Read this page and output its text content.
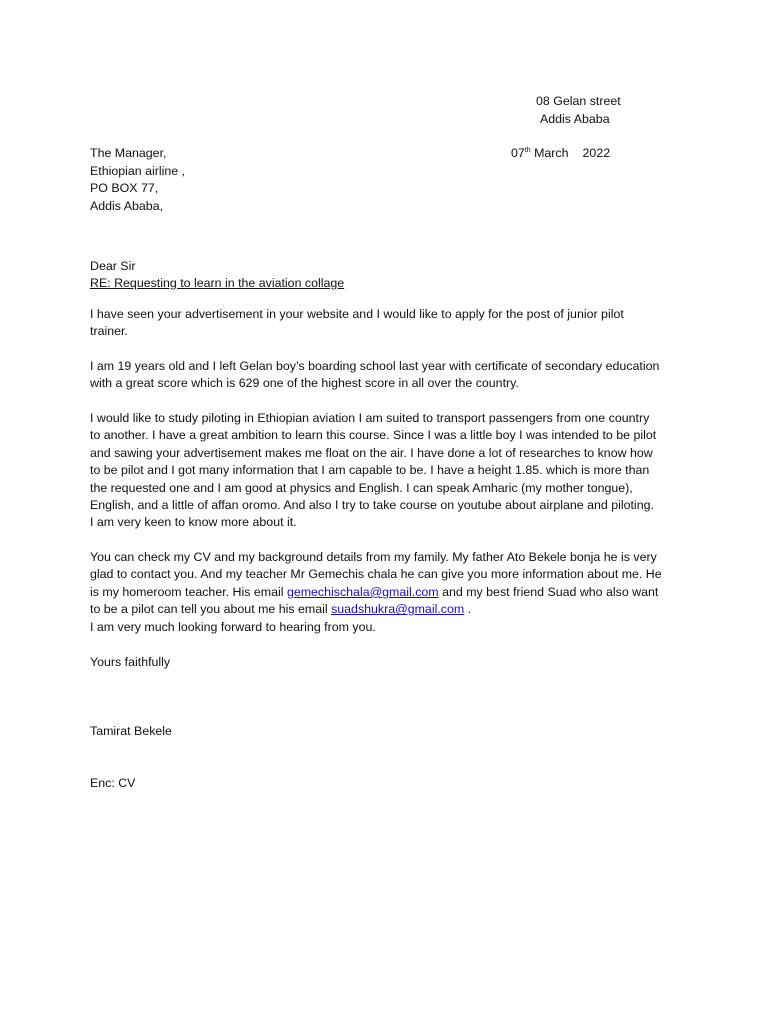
08 Gelan street
Addis Ababa
07th March 2022
The Manager,
Ethiopian airline ,
PO BOX 77,
Addis Ababa,
Dear Sir
RE: Requesting to learn in the aviation collage
I have seen your advertisement in your website and I would like to apply for the post of junior pilot
trainer.
I am 19 years old and I left Gelan boy’s boarding school last year with certificate of secondary education
with a great score which is 629 one of the highest score in all over the country.
I would like to study piloting in Ethiopian aviation I am suited to transport passengers from one country
to another. I have a great ambition to learn this course. Since I was a little boy I was intended to be pilot
and sawing your advertisement makes me float on the air. I have done a lot of researches to know how
to be pilot and I got many information that I am capable to be. I have a height 1.85. which is more than
the requested one and I am good at physics and English. I can speak Amharic (my mother tongue),
English, and a little of affan oromo. And also I try to take course on youtube about airplane and piloting.
I am very keen to know more about it.
You can check my CV and my background details from my family. My father Ato Bekele bonja he is very
glad to contact you. And my teacher Mr Gemechis chala he can give you more information about me. He
is my homeroom teacher. His email gemechischala@gmail.com and my best friend Suad who also want
to be a pilot can tell you about me his email suadshukra@gmail.com .
I am very much looking forward to hearing from you.
Yours faithfully
Tamirat Bekele
Enc: CV
